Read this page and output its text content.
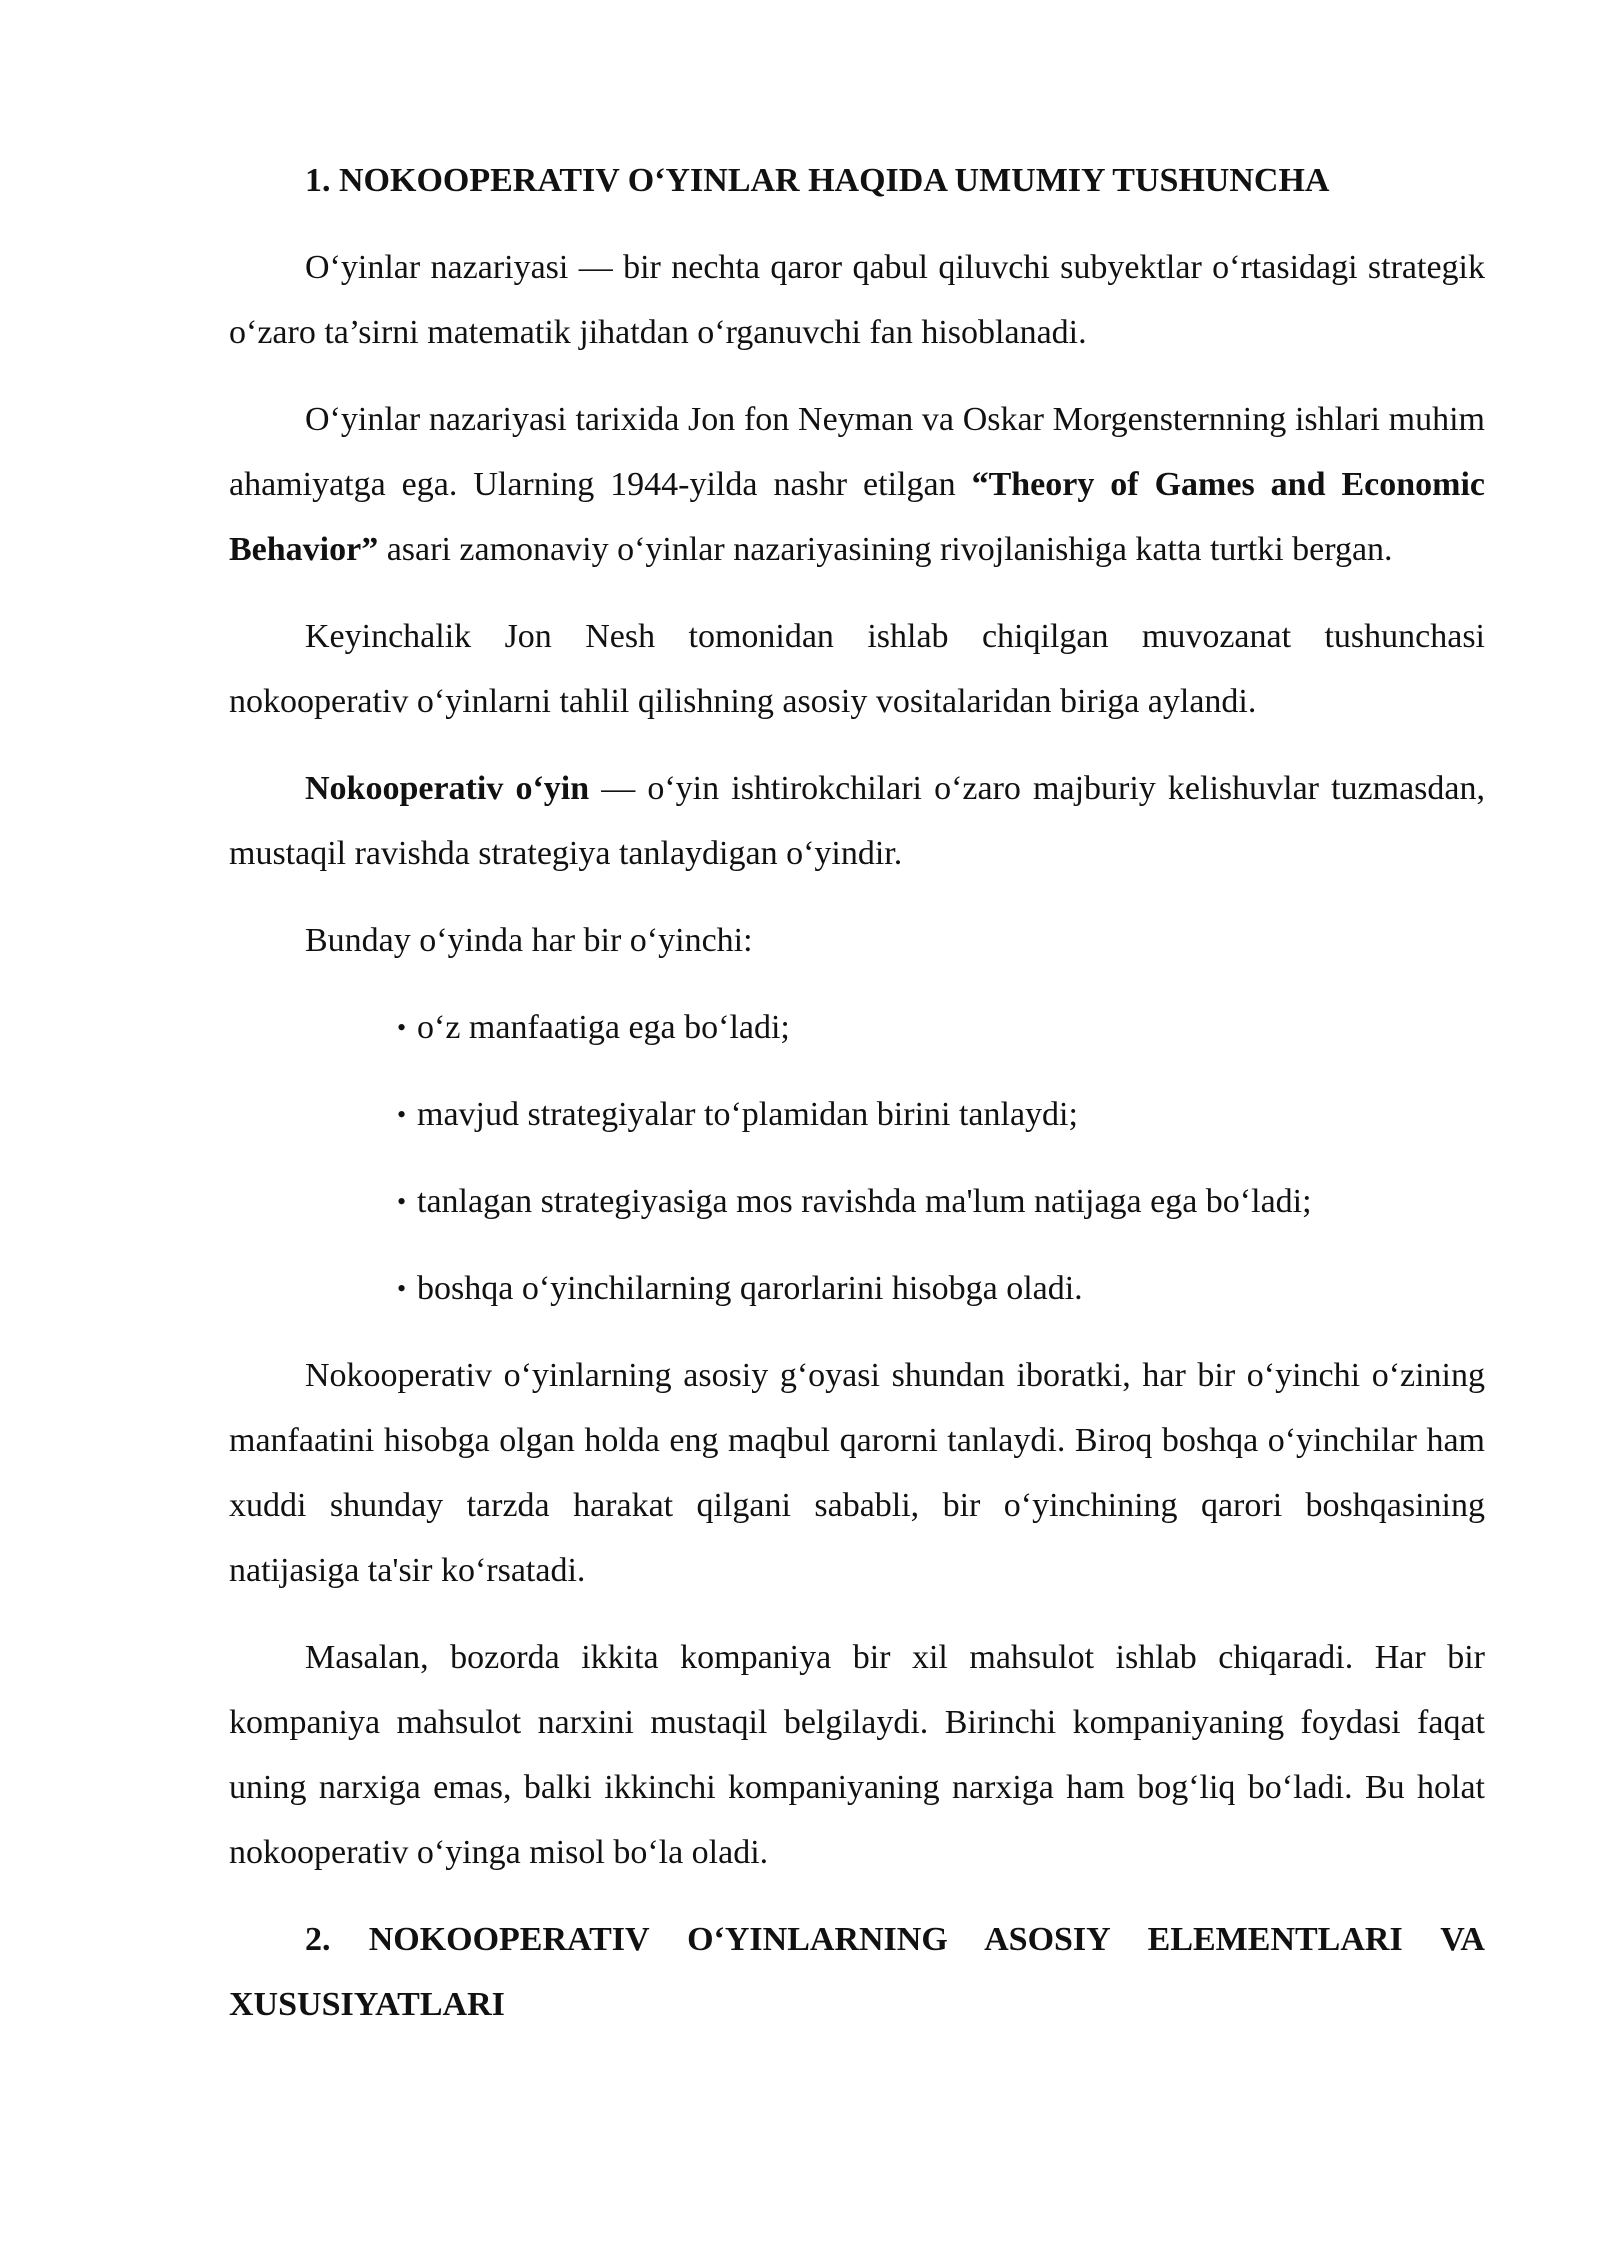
1. NOKOOPERATIV O‘YINLAR HAQIDA UMUMIY TUSHUNCHA

O‘yinlar nazariyasi — bir nechta qaror qabul qiluvchi subyektlar o‘rtasidagi strategik o‘zaro ta’sirni matematik jihatdan o‘rganuvchi fan hisoblanadi.

O‘yinlar nazariyasi tarixida Jon fon Neyman va Oskar Morgensternning ishlari muhim ahamiyatga ega. Ularning 1944-yilda nashr etilgan “Theory of Games and Economic Behavior” asari zamonaviy o‘yinlar nazariyasining rivojlanishiga katta turtki bergan.

Keyinchalik Jon Nesh tomonidan ishlab chiqilgan muvozanat tushunchasi nokooperativ o‘yinlarni tahlil qilishning asosiy vositalaridan biriga aylandi.

Nokooperativ o‘yin — o‘yin ishtirokchilari o‘zaro majburiy kelishuvlar tuzmasdan, mustaqil ravishda strategiya tanlaydigan o‘yindir.

Bunday o‘yinda har bir o‘yinchi:

• o‘z manfaatiga ega bo‘ladi;
• mavjud strategiyalar to‘plamidan birini tanlaydi;
• tanlagan strategiyasiga mos ravishda ma'lum natijaga ega bo‘ladi;
• boshqa o‘yinchilarning qarorlarini hisobga oladi.

Nokooperativ o‘yinlarning asosiy g‘oyasi shundan iboratki, har bir o‘yinchi o‘zining manfaatini hisobga olgan holda eng maqbul qarorni tanlaydi. Biroq boshqa o‘yinchilar ham xuddi shunday tarzda harakat qilgani sababli, bir o‘yinchining qarori boshqasining natijasiga ta'sir ko‘rsatadi.

Masalan, bozorda ikkita kompaniya bir xil mahsulot ishlab chiqaradi. Har bir kompaniya mahsulot narxini mustaqil belgilaydi. Birinchi kompaniyaning foydasi faqat uning narxiga emas, balki ikkinchi kompaniyaning narxiga ham bog‘liq bo‘ladi. Bu holat nokooperativ o‘yinga misol bo‘la oladi.

2. NOKOOPERATIV O‘YINLARNING ASOSIY ELEMENTLARI VA XUSUSIYATLARI
